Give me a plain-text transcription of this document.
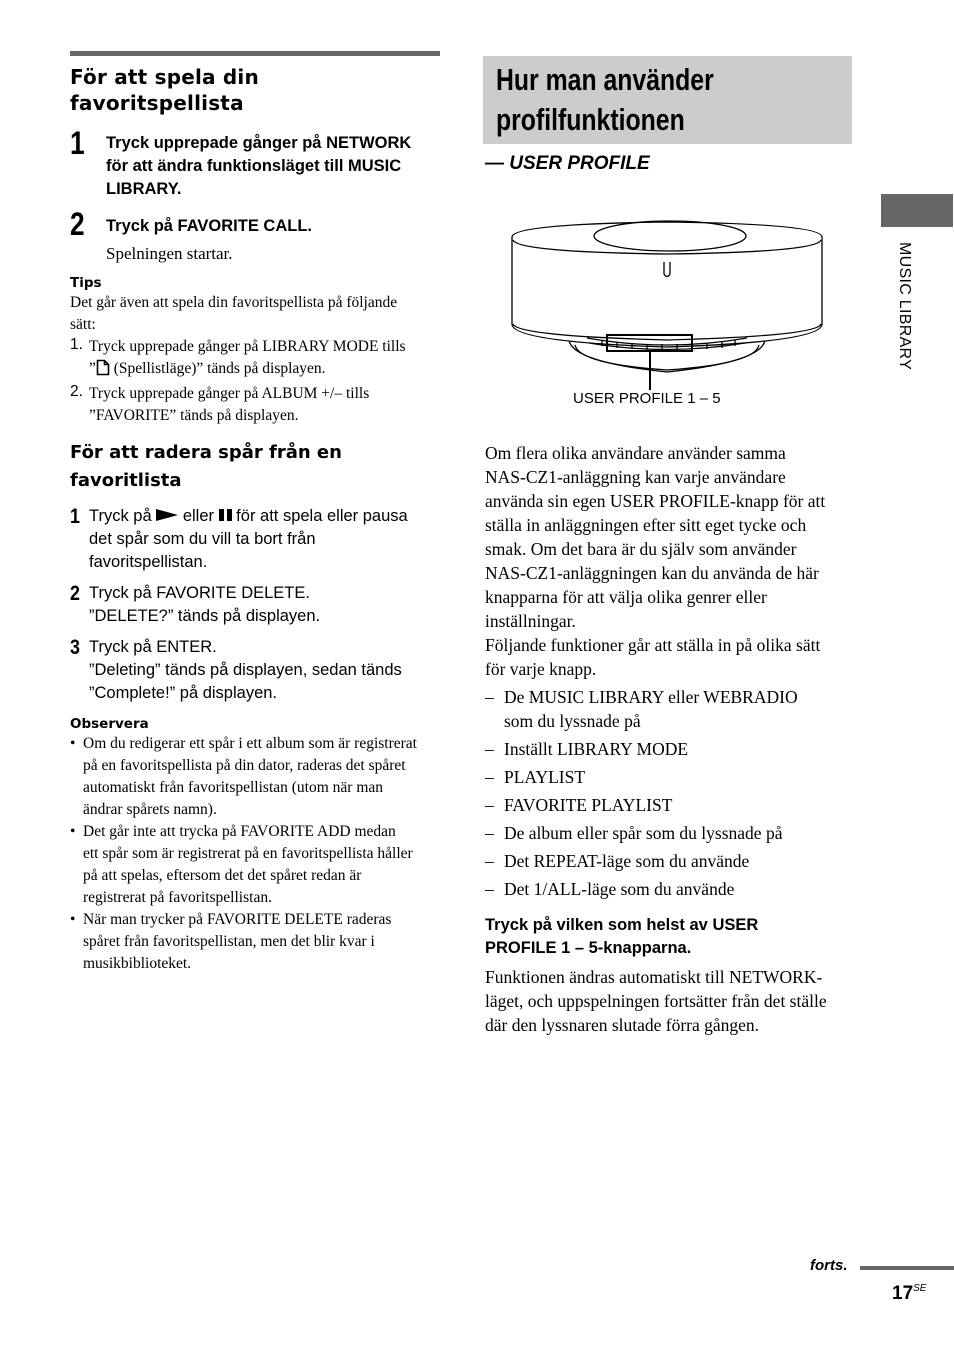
För att spela din
favoritspellista
1	Tryck upprepade gånger på NETWORK
för att ändra funktionsläget till MUSIC
LIBRARY.
2	Tryck på FAVORITE CALL.
Spelningen startar.
Tips
Det går även att spela din favoritspellista på följande
sätt:
1. Tryck upprepade gånger på LIBRARY MODE tills
” (Spellistläge)” tänds på displayen.
2. Tryck upprepade gånger på ALBUM +/– tills
”FAVORITE” tänds på displayen.
För att radera spår från en
favoritlista
1 Tryck på  eller  för att spela eller pausa
det spår som du vill ta bort från
favoritspellistan.
2 Tryck på FAVORITE DELETE.
”DELETE?” tänds på displayen.
3 Tryck på ENTER.
”Deleting” tänds på displayen, sedan tänds
”Complete!” på displayen.
Observera
• Om du redigerar ett spår i ett album som är registrerat
på en favoritspellista på din dator, raderas det spåret
automatiskt från favoritspellistan (utom när man
ändrar spårets namn).
• Det går inte att trycka på FAVORITE ADD medan
ett spår som är registrerat på en favoritspellista håller
på att spelas, eftersom det det spåret redan är
registrerat på favoritspellistan.
• När man trycker på FAVORITE DELETE raderas
spåret från favoritspellistan, men det blir kvar i
musikbiblioteket.
Hur man använder
profilfunktionen
— USER PROFILE
USER PROFILE 1 – 5
Om flera olika användare använder samma
NAS-CZ1-anläggning kan varje användare
använda sin egen USER PROFILE-knapp för att
ställa in anläggningen efter sitt eget tycke och
smak. Om det bara är du själv som använder
NAS-CZ1-anläggningen kan du använda de här
knapparna för att välja olika genrer eller
inställningar.
Följande funktioner går att ställa in på olika sätt
för varje knapp.
– De MUSIC LIBRARY eller WEBRADIO
som du lyssnade på
– Inställt LIBRARY MODE
– PLAYLIST
– FAVORITE PLAYLIST
– De album eller spår som du lyssnade på
– Det REPEAT-läge som du använde
– Det 1/ALL-läge som du använde
Tryck på vilken som helst av USER
PROFILE 1 – 5-knapparna.
Funktionen ändras automatiskt till NETWORK-
läget, och uppspelningen fortsätter från det ställe
där den lyssnaren slutade förra gången.
MUSIC LIBRARY
forts.
$17^{SE}$
